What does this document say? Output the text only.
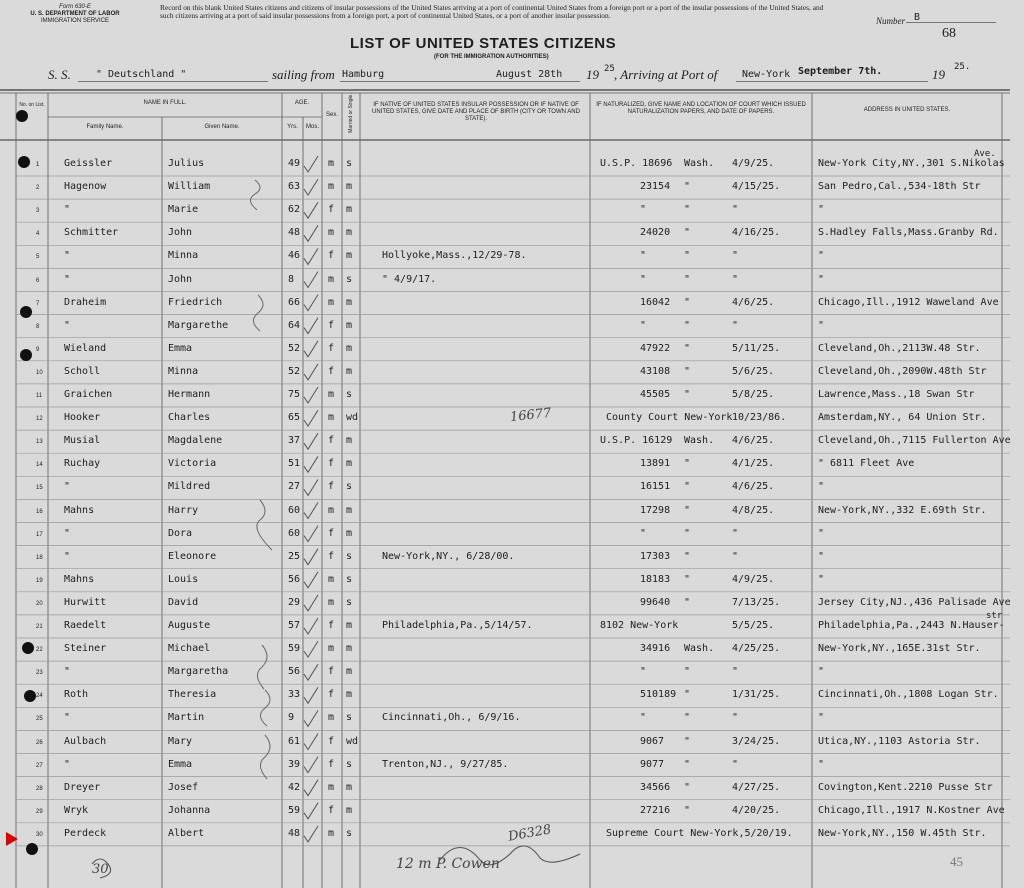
Form 630-E
U. S. DEPARTMENT OF LABOR
IMMIGRATION SERVICE
Record on this blank United States citizens and citizens of insular possessions of the United States arriving at a port of continental United States from a foreign port or a port of the insular possessions of the United States, and such citizens arriving at a port of said insular possessions from a foreign port, a port of continental United States, or a port of another insular possession.
Number B
68
LIST OF UNITED STATES CITIZENS
(FOR THE IMMIGRATION AUTHORITIES)
S. S.	" Deutschland "	sailing from Hamburg	August 28th 19 25 , Arriving at Port of New-York September 7th.	19 25.
No. on List.	NAME IN FULL.
Family Name.	Given Name.
AGE.
Yrs.	Mos.
Sex.	Married or Single.	IF NATIVE OF UNITED STATES INSULAR POSSESSION OR IF NATIVE OF UNITED STATES, GIVE DATE AND PLACE OF BIRTH (CITY OR TOWN AND STATE).
IF NATURALIZED, GIVE NAME AND LOCATION OF COURT WHICH ISSUED NATURALIZATION PAPERS, AND DATE OF PAPERS.	ADDRESS IN UNITED STATES.
1 Geissler	Julius	49	m s	U.S.P. 18696 Wash. 4/9/25.	New-York City,NY.,301 S.Nikolas
Ave.
2 Hagenow	William	63	m m	23154 "	4/15/25.	San Pedro,Cal.,534-18th Str
3 "	Marie	62	f m	"	"	"	"
4 Schmitter	John	48	m m	24020 "	4/16/25.	S.Hadley Falls,Mass.Granby Rd.
5 "	Minna	46	f m	Hollyoke,Mass.,12/29-78.	"	"	"	"
6 "	John	8	m s	" 4/9/17.	"	"	"	"
7 Draheim	Friedrich	66	m m	16042 "	4/6/25.	Chicago,Ill.,1912 Waweland Ave
8 "	Margarethe	64	f m	"	"	"	"
9 Wieland	Emma	52	f m	47922 "	5/11/25.	Cleveland,Oh.,2113W.48 Str.
10 Scholl	Minna	52	f m	43108 "	5/6/25.	Cleveland,Oh.,2090W.48th Str
11 Graichen	Hermann	75	m s	45505 "	5/8/25.	Lawrence,Mass.,18 Swan Str
12 Hooker	Charles	65	m wd	County Court New-York 10/23/86.	Amsterdam,NY., 64 Union Str.
13 Musial	Magdalene	37	f m	U.S.P. 16129 Wash. 4/6/25.	Cleveland,Oh.,7115 Fullerton Ave
14 Ruchay	Victoria	51	f m	13891 "	4/1/25.	" 6811 Fleet Ave
15 "	Mildred	27	f s	16151 "	4/6/25.	"
16 Mahns	Harry	60	m m	17298 "	4/8/25.	New-York,NY.,332 E.69th Str.
17 "	Dora	60	f m	"	"	"	"
18 "	Eleonore	25	f s	New-York,NY., 6/28/00.	17303 "	"	"
19 Mahns	Louis	56	m s	18183 "	4/9/25.	"
20 Hurwitt	David	29	m s	99640 "	7/13/25.	Jersey City,NJ.,436 Palisade Ave
21 Raedelt	Auguste	57	f m	Philadelphia,Pa.,5/14/57.	8102 New-York	5/5/25.	Philadelphia,Pa.,2443 N.Hauser-
str
22 Steiner	Michael	59	m m	34916 Wash. 4/25/25.	New-York,NY.,165E.31st Str.
23 "	Margaretha	56	f m	"	"	"	"
24 Roth	Theresia	33	f m	510189 "	1/31/25.	Cincinnati,Oh.,1808 Logan Str.
25 "	Martin	9	m s	Cincinnati,Oh., 6/9/16.	"	"	"	"
26 Aulbach	Mary	61	f wd	9067 "	3/24/25.	Utica,NY.,1103 Astoria Str.
27 "	Emma	39	f s	Trenton,NJ., 9/27/85.	9077 "	"	"
28 Dreyer	Josef	42	m m	34566 "	4/27/25.	Covington,Kent.2210 Pusse Str
29 Wryk	Johanna	59	f m	27216 "	4/20/25.	Chicago,Ill.,1917 N.Kostner Ave
30 Perdeck	Albert	48	m s	Supreme Court New-York,5/20/19.	New-York,NY.,150 W.45th Str.
16677
D6328
12 m P. Cowen
30
45
